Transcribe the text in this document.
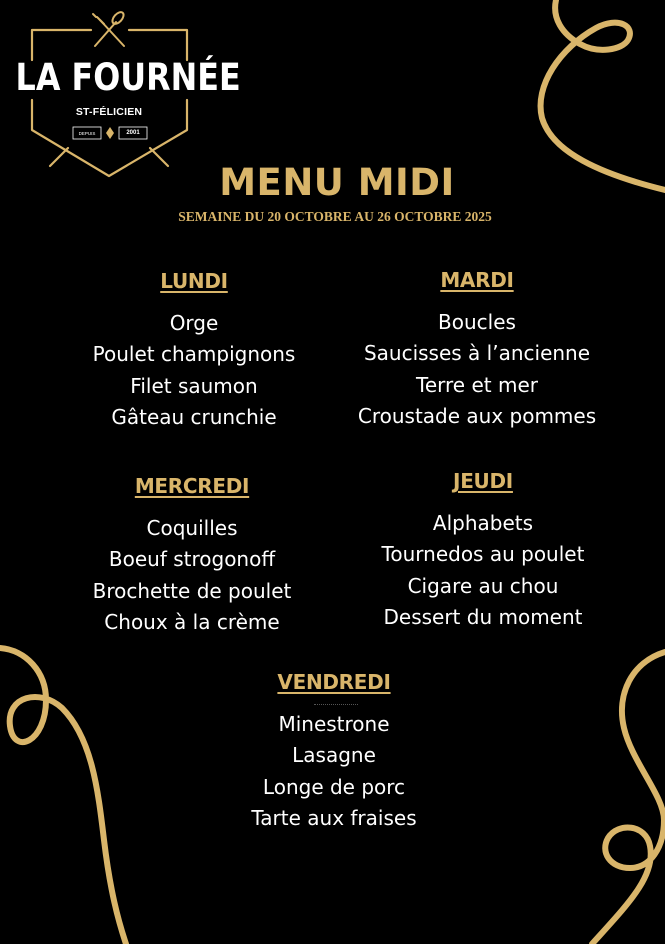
LA FOURNÉE
ST-FÉLICIEN
DEPUIS	2001
MENU MIDI
SEMAINE DU 20 OCTOBRE AU 26 OCTOBRE 2025
LUNDI
Orge
Poulet champignons
Filet saumon
Gâteau crunchie
MARDI
Boucles
Saucisses à l’ancienne
Terre et mer
Croustade aux pommes
MERCREDI
Coquilles
Boeuf strogonoff
Brochette de poulet
Choux à la crème
JEUDI
Alphabets
Tournedos au poulet
Cigare au chou
Dessert du moment
VENDREDI
Minestrone
Lasagne
Longe de porc
Tarte aux fraises
